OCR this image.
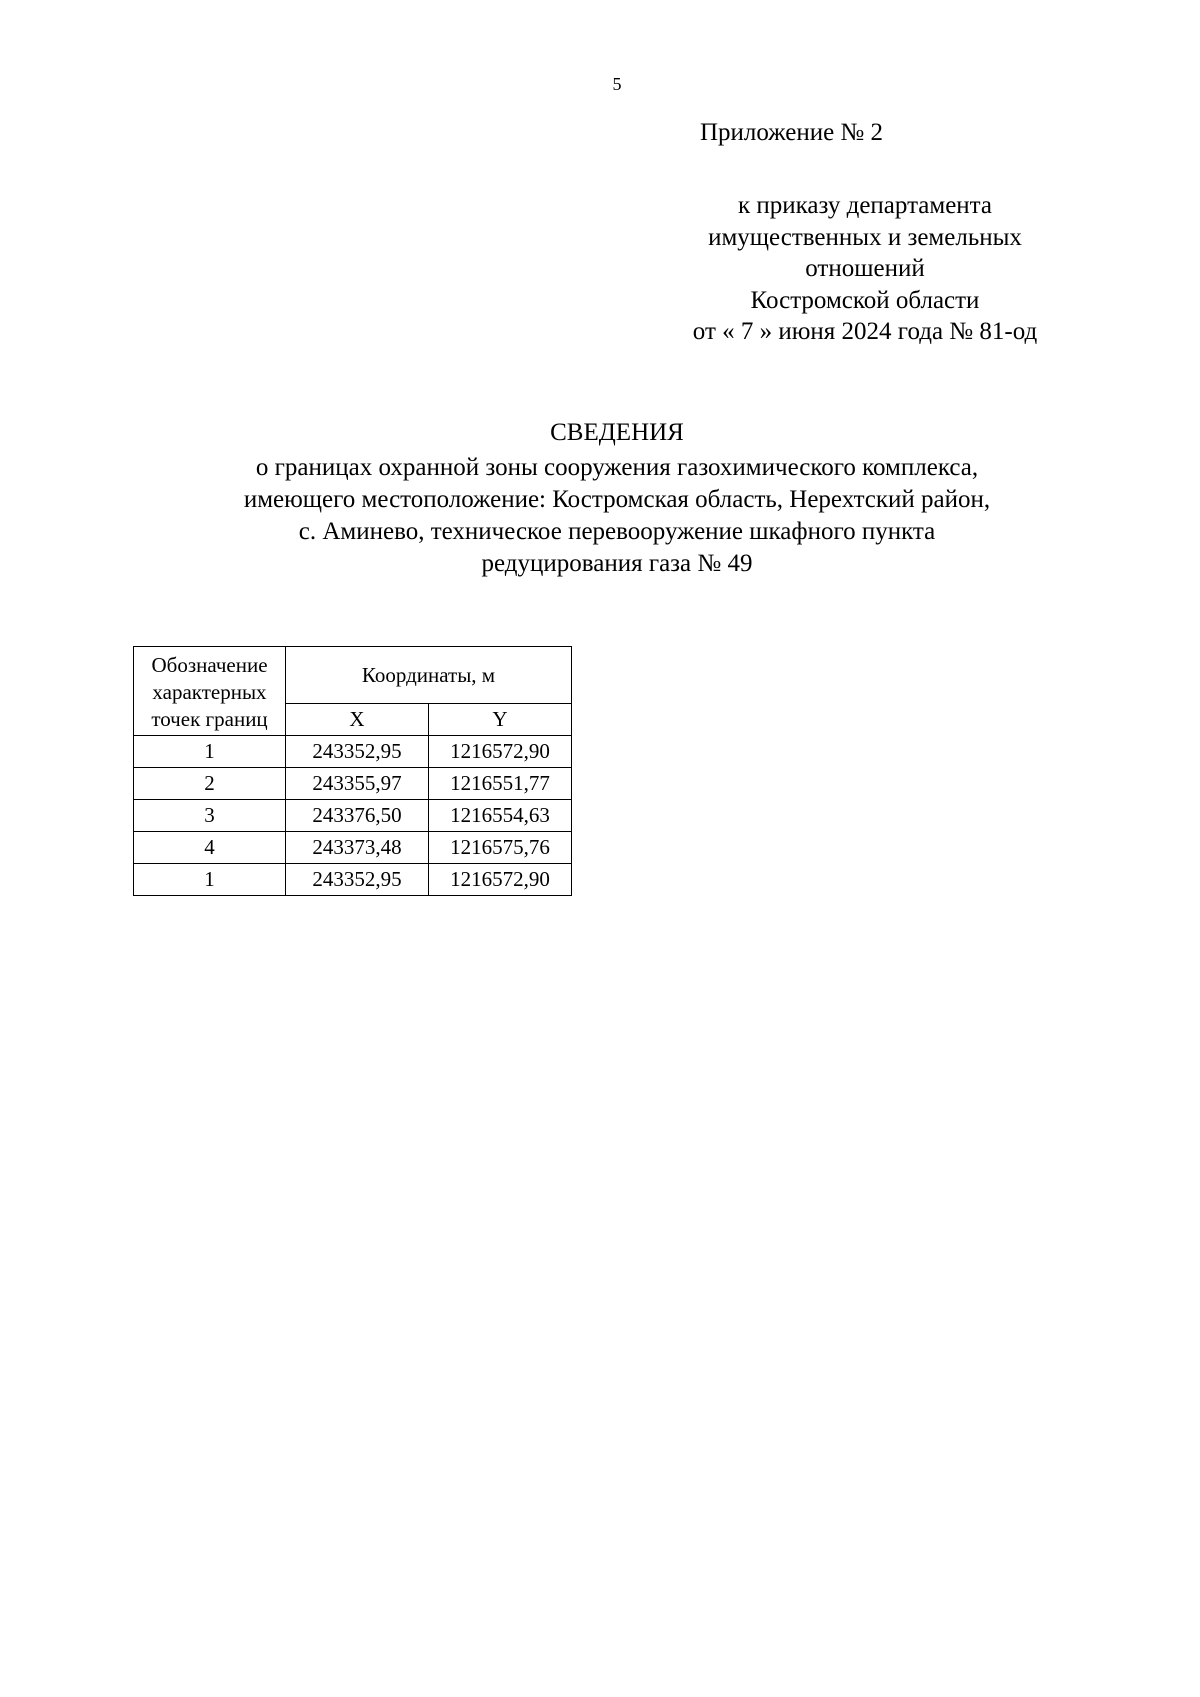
5
Приложение № 2
к приказу департамента
имущественных и земельных
отношений
Костромской области
от « 7 » июня 2024 года № 81-од
СВЕДЕНИЯ
о границах охранной зоны сооружения газохимического комплекса,
имеющего местоположение: Костромская область, Нерехтский район,
с. Аминево, техническое перевооружение шкафного пункта
редуцирования газа № 49
Обозначение
характерных
точек границ	Координаты, м	
	X	Y
1	243352,95	1216572,90
2	243355,97	1216551,77
3	243376,50	1216554,63
4	243373,48	1216575,76
1	243352,95	1216572,90
